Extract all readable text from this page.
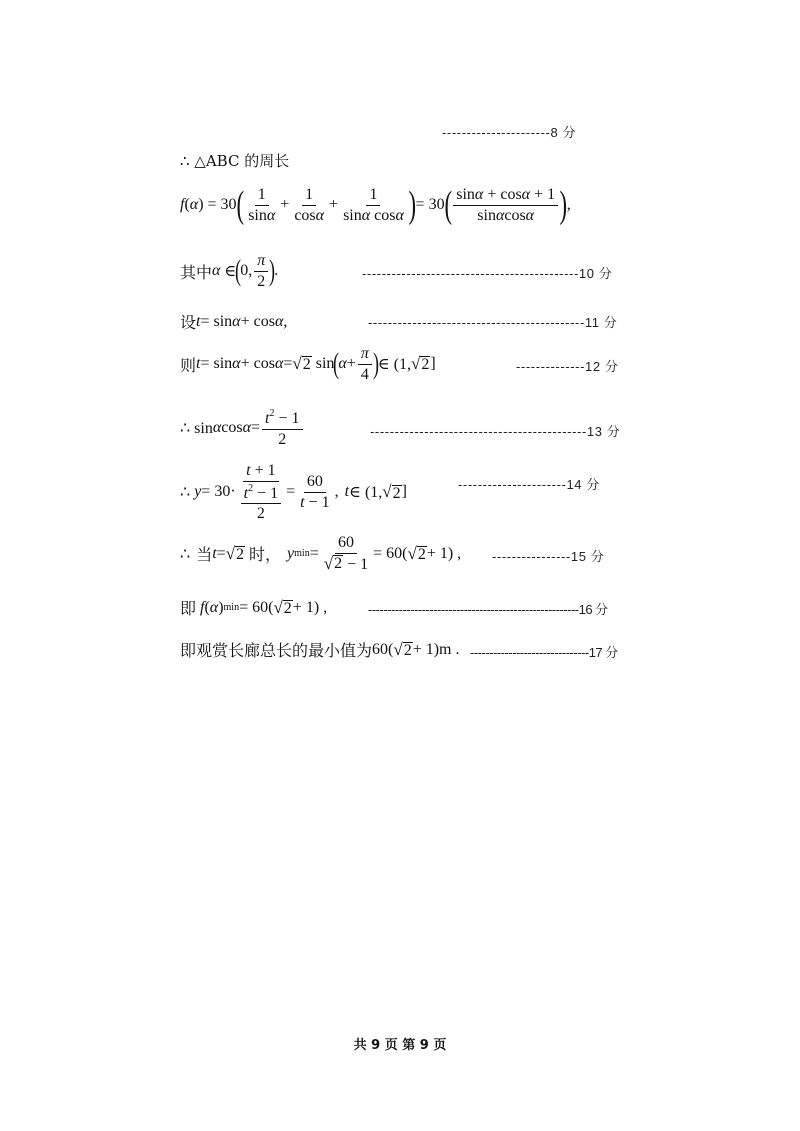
----------------------8 分
∴ △ABC 的周长
f ( α ) = 30 ( $\frac{1}{\sin\alpha} + \frac{1}{\cos\alpha} + \frac{1}{\text{sinα cosα}}$ ) = 30 ( $\frac{\sin\alpha + \cos\alpha + 1}{\sin\alpha\cos\alpha}$ ) ,
其中 α ∈ ( 0, $\frac{\pi}{2}$ ) .	--------------------------------------------10 分
设 t = sin α + cos α ,	--------------------------------------------11 分
则 t = sin α + cos α = √ 2 sin ( $\alpha + \frac{\pi}{4}$ ) ∈ (1, √ 2 ]	--------------12 分
∴ sin α $\cos \alpha = \frac{t^2 - 1}{2}$	--------------------------------------------13 分
∴ $y = 30\cdot \frac{t + 1}{\frac{t^2 - 1}{2}} = \frac{60}{t - 1}$ , t ∈ (1, √ 2 ]	----------------------14 分
∴ 当 t = √ 2
时， y $\min = \frac{60}{√ 2 - 1} = 60$( √ 2 + 1) , ----------------15 分
即 f ( α ) min = 60( √ 2 + 1) ,	-------------------------------------------------------16 分
即观赏长廊总长的最小值为 60( √ 2 + 1) m . -------------------------------17 分
共 9 页 第 9 页
